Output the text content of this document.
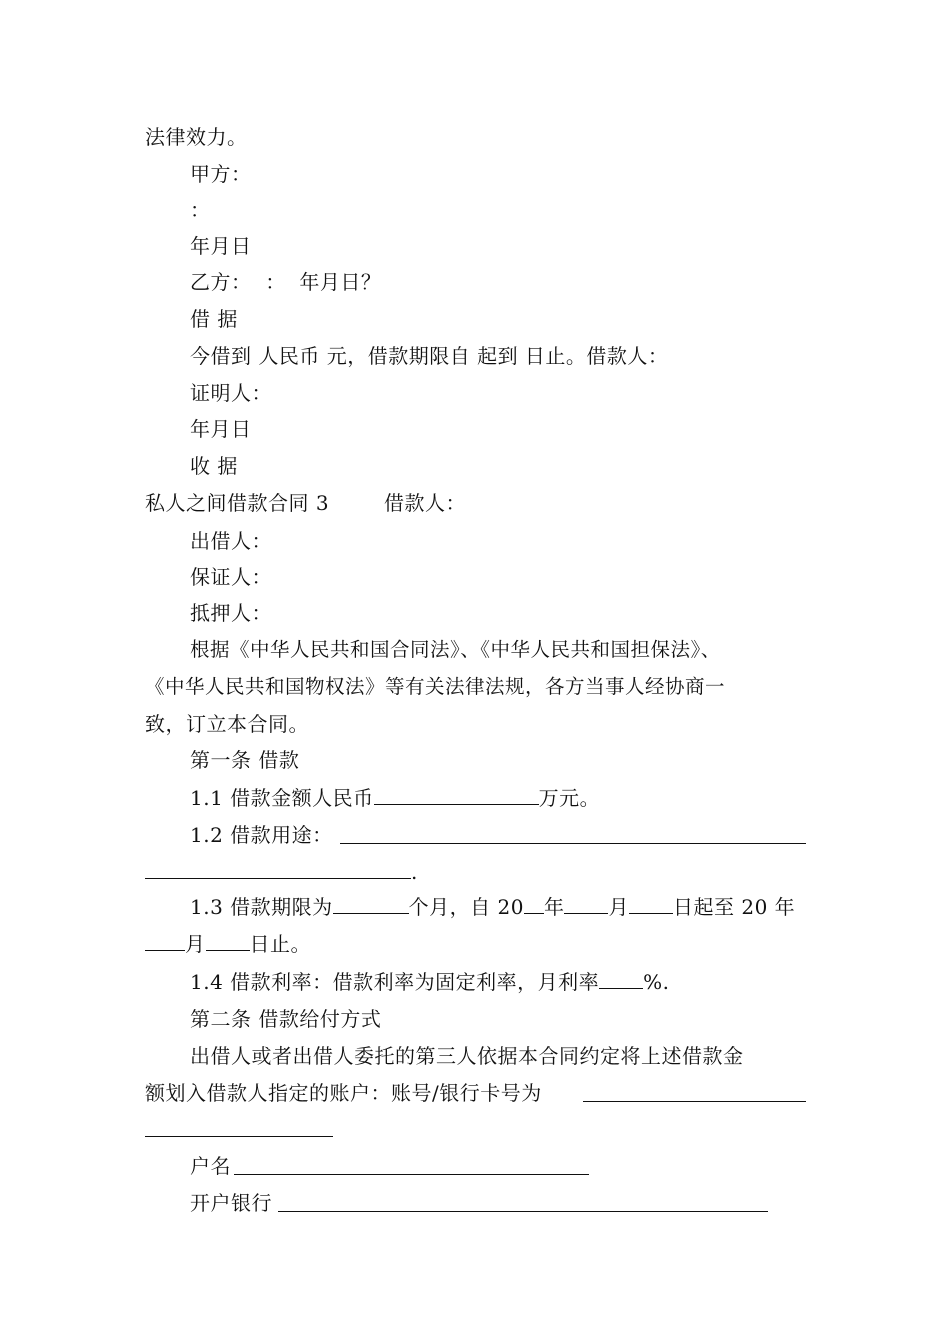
法律效力。
甲方：
：
年月日
乙方：  ：  年月日？
借 据
今借到 人民币 元，借款期限自 起到 日止。借款人：
证明人：
年月日
收 据
私人之间借款合同 3	借款人：
出借人：
保证人：
抵押人：
根据《中华人民共和国合同法》、《中华人民共和国担保法》、
《中华人民共和国物权法》等有关法律法规，各方当事人经协商一
致，订立本合同。
第一条 借款
1.1 借款金额人民币	万元。
1.2 借款用途：
.
1.3 借款期限为	个月，自 20 年 月 日起至 20 年
月 日止。
1.4 借款利率：借款利率为固定利率，月利率 %.
第二条 借款给付方式
出借人或者出借人委托的第三人依据本合同约定将上述借款金
额划入借款人指定的账户：账号/银行卡号为
户名
开户银行
